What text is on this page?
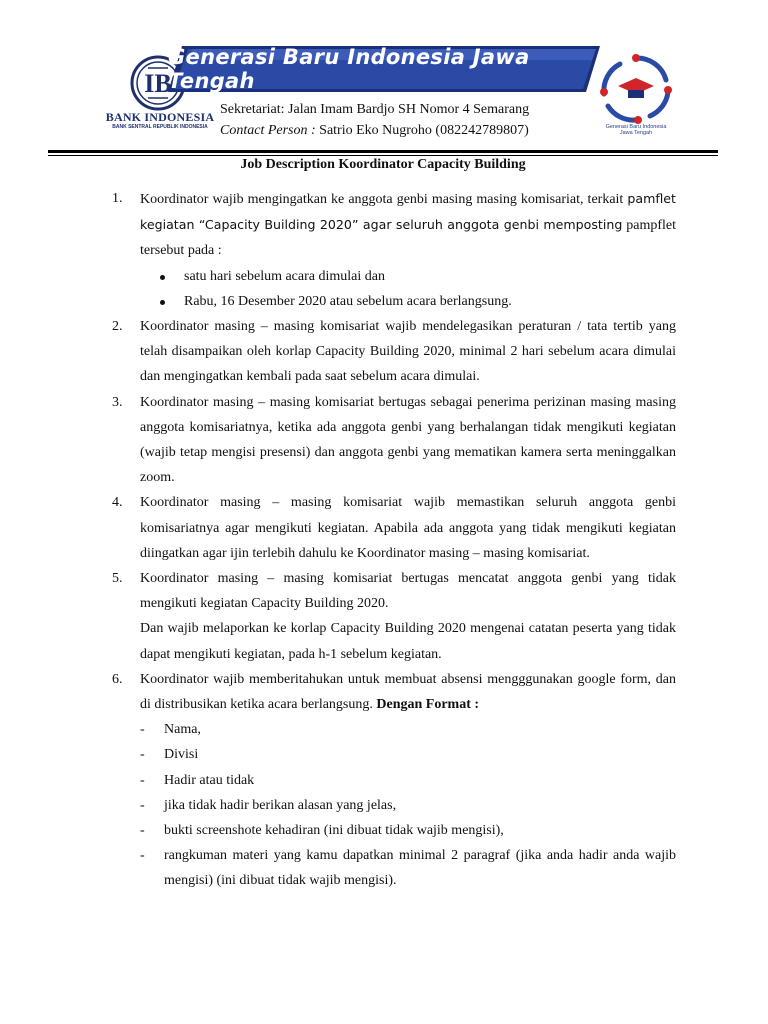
IB
BANK INDONESIA
BANK SENTRAL REPUBLIK INDONESIA
Generasi Baru Indonesia Jawa Tengah
Sekretariat: Jalan Imam Bardjo SH Nomor 4 Semarang
Contact Person : Satrio Eko Nugroho (082242789807)	Generasi Baru Indonesia
Jawa Tengah
Job Description Koordinator Capacity Building
1. Koordinator wajib mengingatkan ke anggota genbi masing masing komisariat, terkait pamflet kegiatan “Capacity Building 2020” agar seluruh anggota genbi memposting pampflet tersebut pada :

satu hari sebelum acara dimulai dan
Rabu, 16 Desember 2020 atau sebelum acara berlangsung.
2. Koordinator masing – masing komisariat wajib mendelegasikan peraturan / tata tertib yang telah disampaikan oleh korlap Capacity Building 2020, minimal 2 hari sebelum acara dimulai dan mengingatkan kembali pada saat sebelum acara dimulai.

3. Koordinator masing – masing komisariat bertugas sebagai penerima perizinan masing masing anggota komisariatnya, ketika ada anggota genbi yang berhalangan tidak mengikuti kegiatan (wajib tetap mengisi presensi) dan anggota genbi yang mematikan kamera serta meninggalkan zoom.

4. Koordinator masing – masing komisariat wajib memastikan seluruh anggota genbi komisariatnya agar mengikuti kegiatan. Apabila ada anggota yang tidak mengikuti kegiatan diingatkan agar ijin terlebih dahulu ke Koordinator masing – masing komisariat.

5. Koordinator masing – masing komisariat bertugas mencatat anggota genbi yang tidak mengikuti kegiatan Capacity Building 2020.

Dan wajib melaporkan ke korlap Capacity Building 2020 mengenai catatan peserta yang tidak dapat mengikuti kegiatan, pada h-1 sebelum kegiatan.

6. Koordinator wajib memberitahukan untuk membuat absensi mengggunakan google form, dan di distribusikan ketika acara berlangsung. Dengan Format :

- Nama,
- Divisi
- Hadir atau tidak
- jika tidak hadir berikan alasan yang jelas,
- bukti screenshote kehadiran (ini dibuat tidak wajib mengisi),
- rangkuman materi yang kamu dapatkan minimal 2 paragraf (jika anda hadir anda wajib mengisi) (ini dibuat tidak wajib mengisi).
